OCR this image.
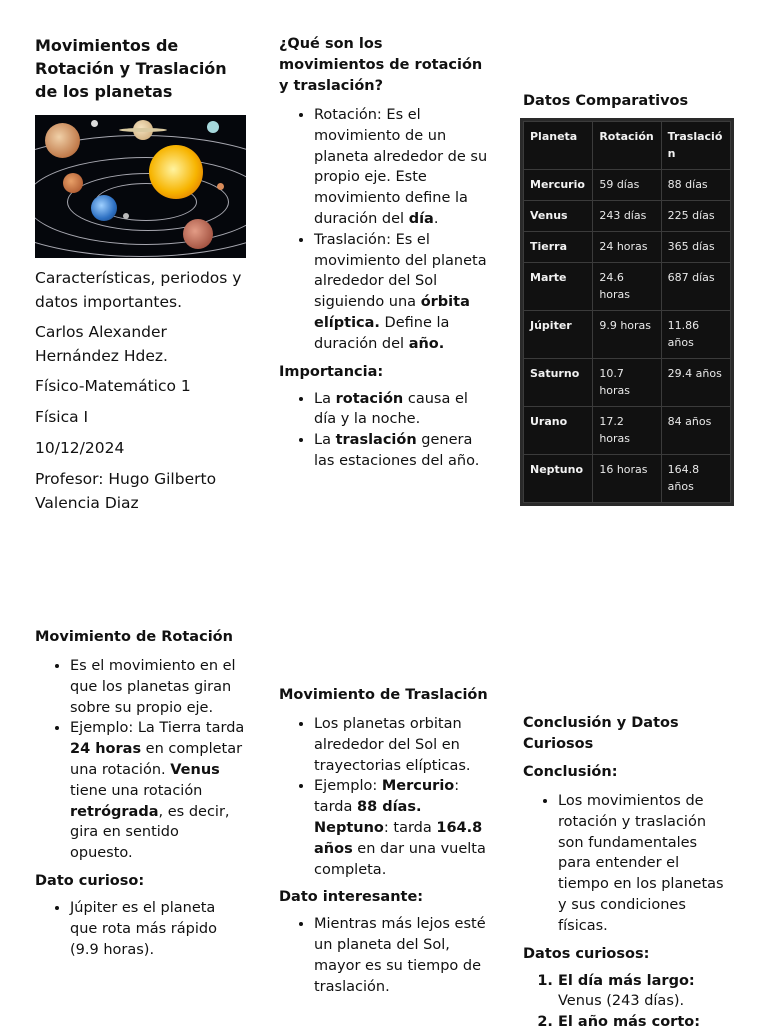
Movimientos de Rotación y Traslación de los planetas

Características, periodos y datos importantes.

Carlos Alexander Hernández Hdez.

Físico-Matemático 1

Física I

10/12/2024

Profesor: Hugo Gilberto Valencia Diaz

¿Qué son los movimientos de rotación y traslación?
• Rotación: Es el movimiento de un planeta alrededor de su propio eje. Este movimiento define la duración del día.
• Traslación: Es el movimiento del planeta alrededor del Sol siguiendo una órbita elíptica. Define la duración del año.
Importancia:
• La rotación causa el día y la noche.
• La traslación genera las estaciones del año.
Datos Comparativos
Planeta	Rotación	Traslación
Mercurio	59 días	88 días
Venus	243 días	225 días
Tierra	24 horas	365 días
Marte	24.6 horas	687 días
Júpiter	9.9 horas	11.86 años
Saturno	10.7 horas	29.4 años
Urano	17.2 horas	84 años
Neptuno	16 horas	164.8 años
Movimiento de Rotación
• Es el movimiento en el que los planetas giran sobre su propio eje.
• Ejemplo: La Tierra tarda 24 horas en completar una rotación. Venus tiene una rotación retrógrada, es decir, gira en sentido opuesto.
Dato curioso:
• Júpiter es el planeta que rota más rápido (9.9 horas).
Movimiento de Traslación
• Los planetas orbitan alrededor del Sol en trayectorias elípticas.
• Ejemplo: Mercurio: tarda 88 días.
Neptuno: tarda 164.8 años en dar una vuelta completa.
Dato interesante:
• Mientras más lejos esté un planeta del Sol, mayor es su tiempo de traslación.
Conclusión y Datos Curiosos
Conclusión:
• Los movimientos de rotación y traslación son fundamentales para entender el tiempo en los planetas y sus condiciones físicas.
Datos curiosos:
1. El día más largo:
Venus (243 días).
2. El año más corto:
